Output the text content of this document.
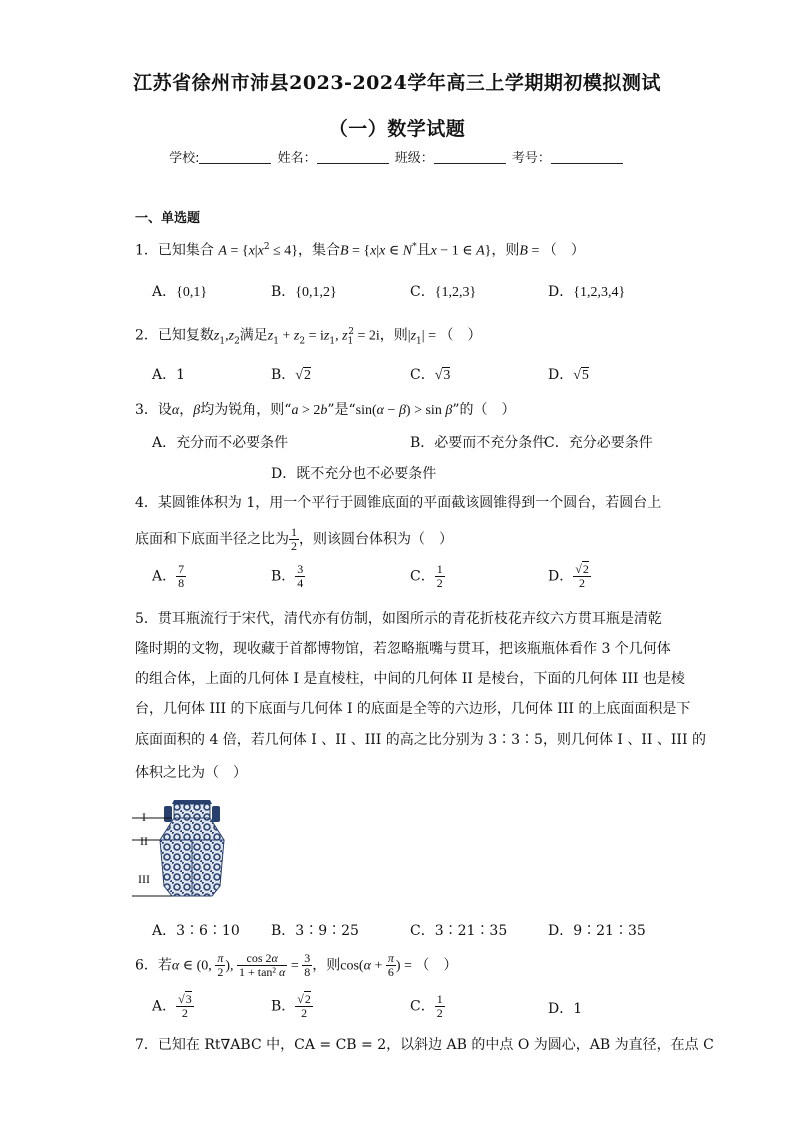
江苏省徐州市沛县2023-2024学年高三上学期期初模拟测试
（一）数学试题
学校:	姓名：	班级：	考号：
一、单选题
1．已知集合 $A = \{x|x^2 \le 4\}$，集合B = {x|x ∈ N*且x − 1 ∈ A}，则B = （　）
A．{0,1}	B．{0,1,2}	C．{1,2,3}	D．{1,2,3,4}
2．已知复数$z_1,z_2$满足$z_1 + z_2 = iz_1$, $z_1^2 = 2i$，则$|z_1|$ = （　）
A．1	B．√2	C．√3	D．√5
3．设α，β均为锐角，则“a > 2b”是“sin(α − β) > sin β”的（　）
A．充分而不必要条件	B．必要而不充分条件
C．充分必要条件
D．既不充分也不必要条件
4．某圆锥体积为 1，用一个平行于圆锥底面的平面截该圆锥得到一个圆台，若圆台上
底面和下底面半径之比为 $\frac{1}{2}$ ，则该圆台体积为（　）
A． $\frac{7}{8}$	B． $\frac{3}{4}$	C． $\frac{1}{2}$	D． $\frac{√2}{2}$
5．贯耳瓶流行于宋代，清代亦有仿制，如图所示的青花折枝花卉纹六方贯耳瓶是清乾
隆时期的文物，现收藏于首都博物馆，若忽略瓶嘴与贯耳，把该瓶瓶体看作 3 个几何体
的组合体，上面的几何体 I 是直棱柱，中间的几何体 II 是棱台，下面的几何体 III 也是棱
台，几何体 III 的下底面与几何体 I 的底面是全等的六边形，几何体 III 的上底面面积是下
底面面积的 4 倍，若几何体 I 、II 、III 的高之比分别为 3∶3∶5，则几何体 I 、II 、III 的
体积之比为（　）
I
II
III
A．3∶6∶10 B．3∶9∶25	C．3∶21∶35	D．9∶21∶35
6．若α ∈ (0, $\frac{\pi}{2}$ ), $\frac{\cos 2\alpha}{\text{1 + tan² α}} = \frac{3}{8}$ ，则$\cos(\alpha + \frac{\pi}{6}$ ) = （　）
A． $\frac{√3}{2}$	B． $\frac{√2}{2}$	C． $\frac{1}{2}$	D．1
7．已知在 Rt∇ABC 中，CA = CB = 2，以斜边 AB 的中点 O 为圆心，AB 为直径，在点 C
